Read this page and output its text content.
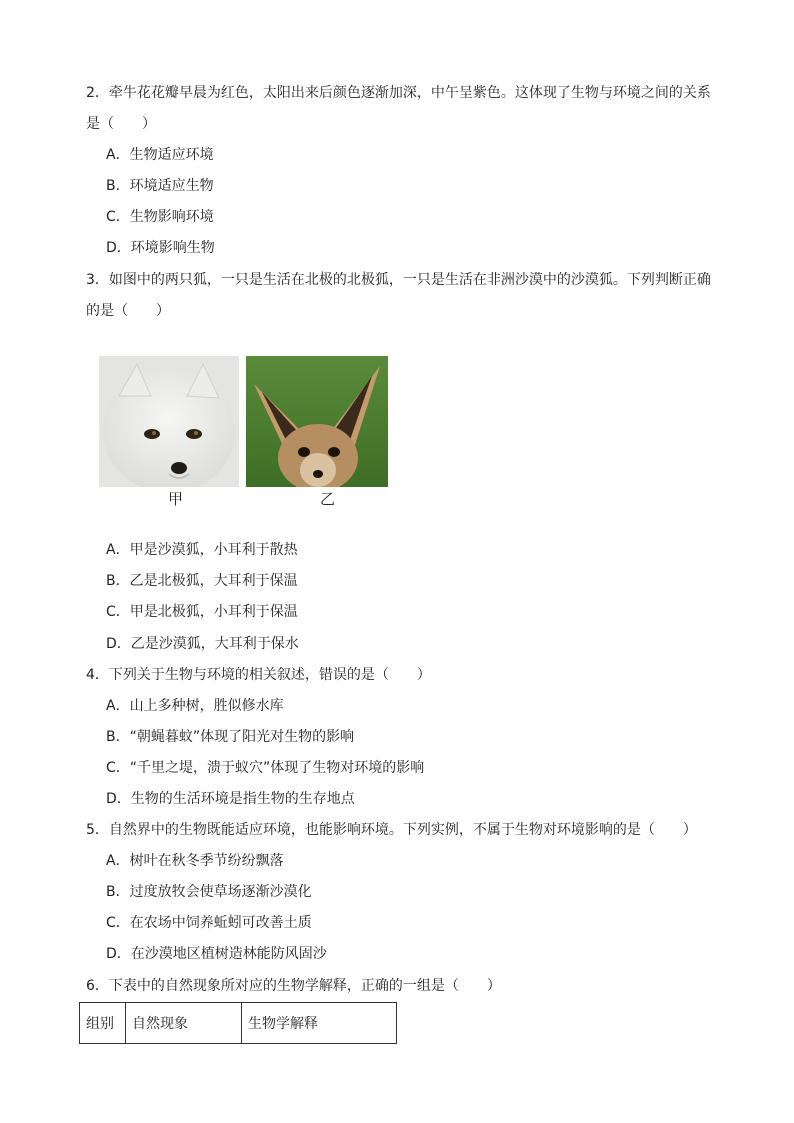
2．牵牛花花瓣早晨为红色，太阳出来后颜色逐渐加深，中午呈紫色。这体现了生物与环境之间的关系
是（　　）
A．生物适应环境
B．环境适应生物
C．生物影响环境
D．环境影响生物
3．如图中的两只狐，一只是生活在北极的北极狐，一只是生活在非洲沙漠中的沙漠狐。下列判断正确
的是（　　）
甲	乙
A．甲是沙漠狐，小耳利于散热
B．乙是北极狐，大耳利于保温
C．甲是北极狐，小耳利于保温
D．乙是沙漠狐，大耳利于保水
4．下列关于生物与环境的相关叙述，错误的是（　　）
A．山上多种树，胜似修水库
B．“朝蝇暮蚊”体现了阳光对生物的影响
C．“千里之堤，溃于蚁穴”体现了生物对环境的影响
D．生物的生活环境是指生物的生存地点
5．自然界中的生物既能适应环境，也能影响环境。下列实例，不属于生物对环境影响的是（　　）
A．树叶在秋冬季节纷纷飘落
B．过度放牧会使草场逐渐沙漠化
C．在农场中饲养蚯蚓可改善土质
D．在沙漠地区植树造林能防风固沙
6．下表中的自然现象所对应的生物学解释，正确的一组是（　　）
组别	自然现象	生物学解释
